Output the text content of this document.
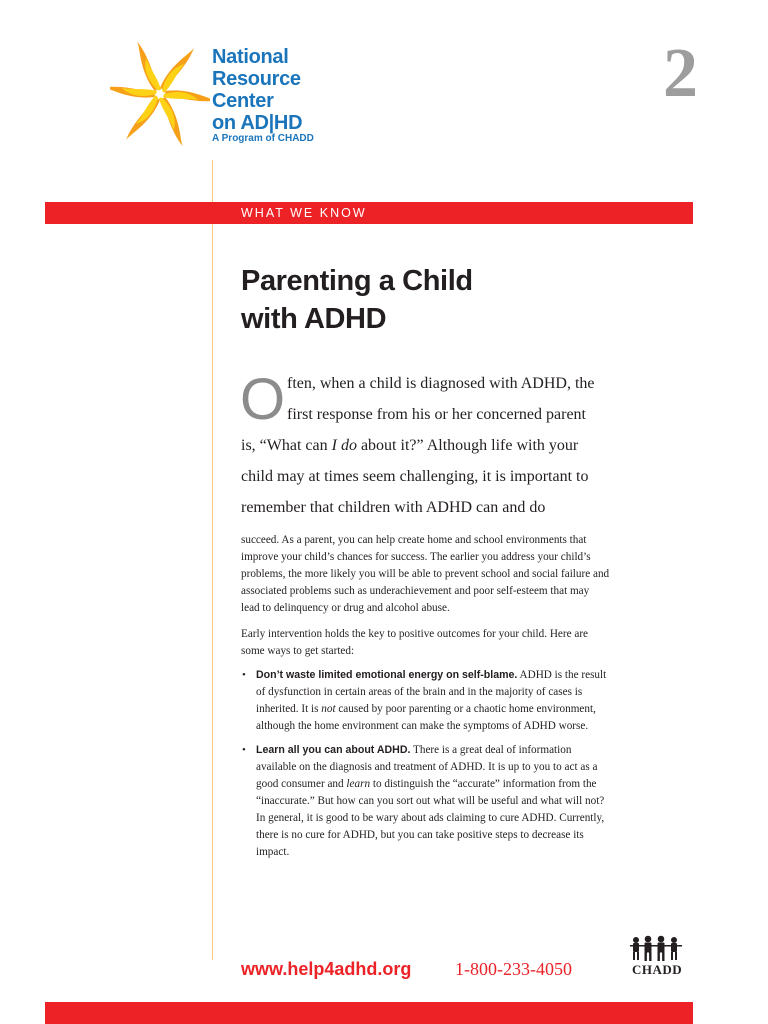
National
Resource
Center
on AD|HD
A Program of CHADD
2
WHAT WE KNOW
Parenting a Child
with ADHD
O ften, when a child is diagnosed with ADHD, the
first response from his or her concerned parent
is, “What can I do about it?” Although life with your
child may at times seem challenging, it is important to
remember that children with ADHD can and do
succeed. As a parent, you can help create home and school environments that
improve your child’s chances for success. The earlier you address your child’s
problems, the more likely you will be able to prevent school and social failure and
associated problems such as underachievement and poor self-esteem that may
lead to delinquency or drug and alcohol abuse.
Early intervention holds the key to positive outcomes for your child. Here are
some ways to get started:
• Don’t waste limited emotional energy on self-blame. ADHD is the result
of dysfunction in certain areas of the brain and in the majority of cases is
inherited. It is not caused by poor parenting or a chaotic home environment,
although the home environment can make the symptoms of ADHD worse.
• Learn all you can about ADHD. There is a great deal of information
available on the diagnosis and treatment of ADHD. It is up to you to act as a
good consumer and learn to distinguish the “accurate” information from the
“inaccurate.” But how can you sort out what will be useful and what will not?
In general, it is good to be wary about ads claiming to cure ADHD. Currently,
there is no cure for ADHD, but you can take positive steps to decrease its
impact.
www.help4adhd.org 1-800-233-4050	CHADD
